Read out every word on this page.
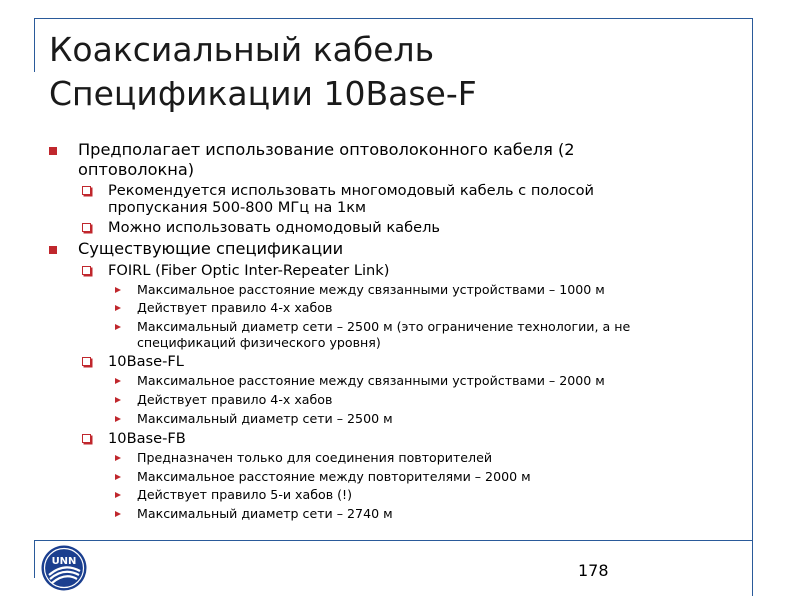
Коаксиальный кабель
Спецификации 10Base-F
Предполагает использование оптоволоконного кабеля (2
оптоволокна)
Рекомендуется использовать многомодовый кабель с полосой
пропускания 500-800 МГц на 1км
Можно использовать одномодовый кабель
Существующие спецификации
FOIRL (Fiber Optic Inter-Repeater Link)
Максимальное расстояние между связанными устройствами – 1000 м
Действует правило 4-х хабов
Максимальный диаметр сети – 2500 м (это ограничение технологии, а не
спецификаций физического уровня)
10Base-FL
Максимальное расстояние между связанными устройствами – 2000 м
Действует правило 4-х хабов
Максимальный диаметр сети – 2500 м
10Base-FB
Предназначен только для соединения повторителей
Максимальное расстояние между повторителями – 2000 м
Действует правило 5-и хабов (!)
Максимальный диаметр сети – 2740 м
UNN	178
